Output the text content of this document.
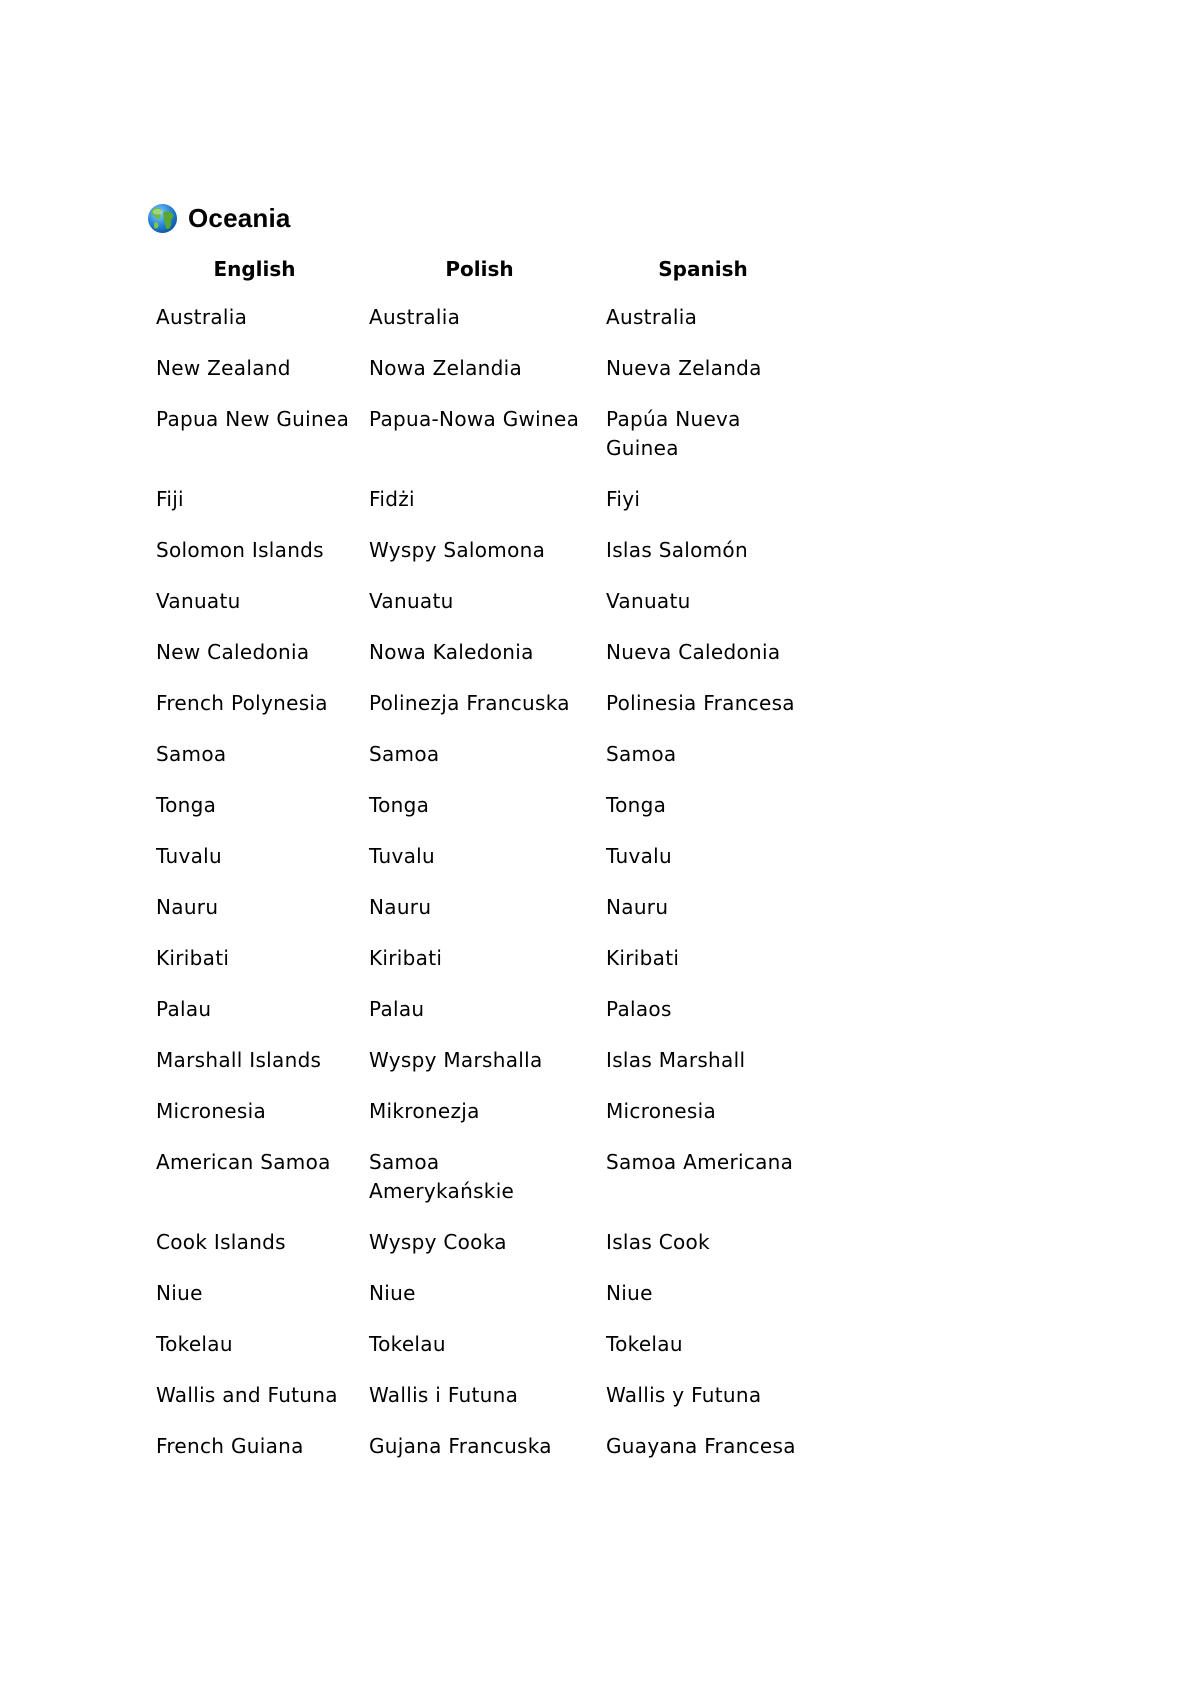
Oceania
English	Polish	Spanish
Australia	Australia	Australia
New Zealand	Nowa Zelandia	Nueva Zelanda
Papua New Guinea	Papua-Nowa Gwinea	Papúa Nueva Guinea
Fiji	Fidżi	Fiyi
Solomon Islands	Wyspy Salomona	Islas Salomón
Vanuatu	Vanuatu	Vanuatu
New Caledonia	Nowa Kaledonia	Nueva Caledonia
French Polynesia	Polinezja Francuska	Polinesia Francesa
Samoa	Samoa	Samoa
Tonga	Tonga	Tonga
Tuvalu	Tuvalu	Tuvalu
Nauru	Nauru	Nauru
Kiribati	Kiribati	Kiribati
Palau	Palau	Palaos
Marshall Islands	Wyspy Marshalla	Islas Marshall
Micronesia	Mikronezja	Micronesia
American Samoa	Samoa Amerykańskie	Samoa Americana
Cook Islands	Wyspy Cooka	Islas Cook
Niue	Niue	Niue
Tokelau	Tokelau	Tokelau
Wallis and Futuna	Wallis i Futuna	Wallis y Futuna
French Guiana	Gujana Francuska	Guayana Francesa
